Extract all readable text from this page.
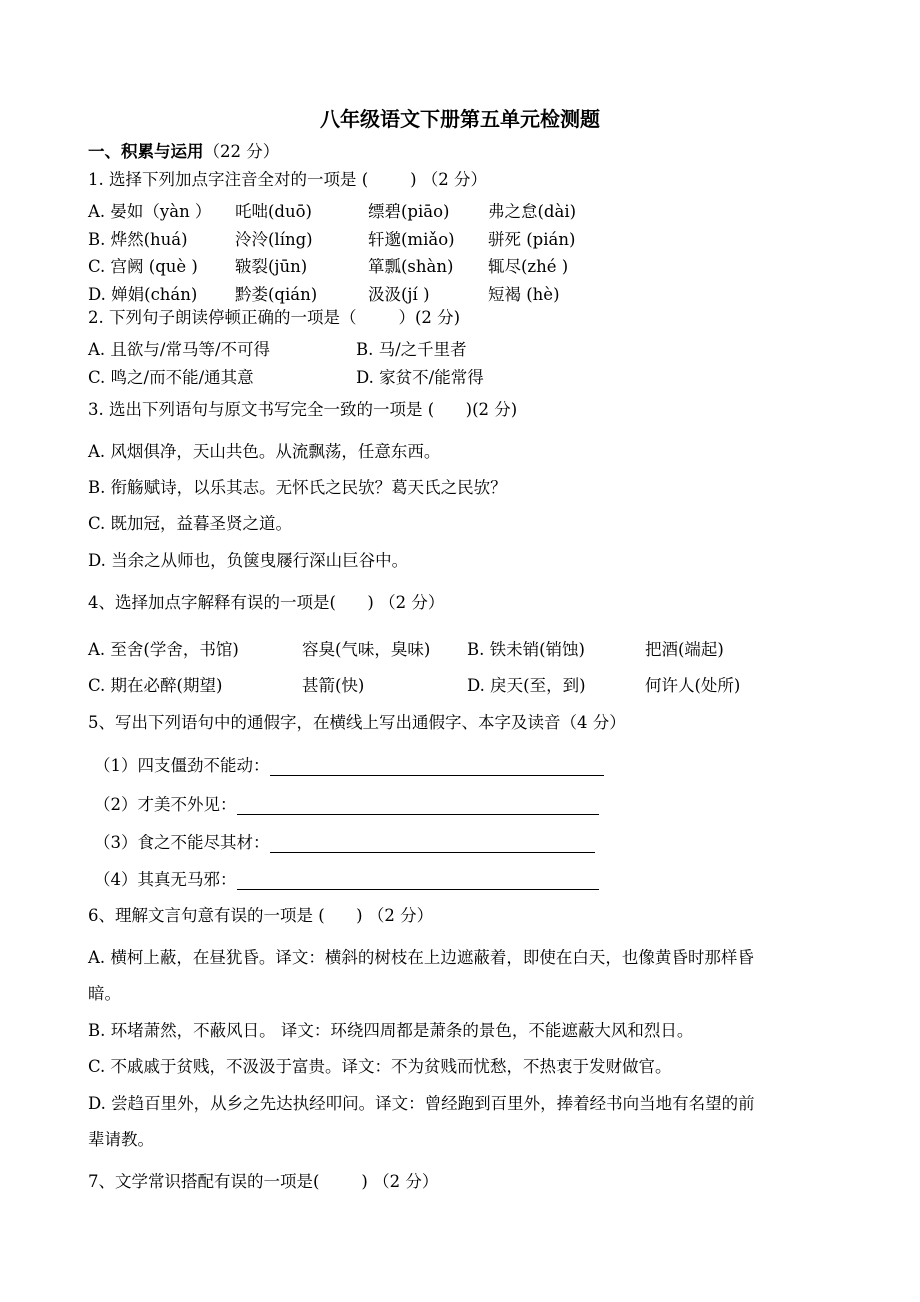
八年级语文下册第五单元检测题
一、积累与运用（22 分）
1. 选择下列加点字注音全对的一项是 (        ) （2 分）
A. 晏如（yàn ） 吒咄(duō)	缥碧(piāo) 弗之怠(dài)
B. 烨然(huá)	泠泠(líng)	轩邈(miǎo) 骈死 (pián)
C. 宫阙 (què ) 皲裂(jūn)	箪瓢(shàn) 辄尽(zhé )
D. 婵娟(chán) 黔娄(qián)	汲汲(jí )	短褐 (hè)
2. 下列句子朗读停顿正确的一项是（        ）(2 分)
A. 且欲与/常马等/不可得	B. 马/之千里者
C. 鸣之/而不能/通其意	D. 家贫不/能常得
3. 选出下列语句与原文书写完全一致的一项是 (      )(2 分)
A. 风烟俱净，天山共色。从流飘荡，任意东西。
B. 衔觞赋诗，以乐其志。无怀氏之民欤？葛天氏之民欤？
C. 既加冠，益暮圣贤之道。
D. 当余之从师也，负箧曳屦行深山巨谷中。
4、选择加点字解释有误的一项是(      ) （2 分）
A. 至舍(学舍，书馆)	容臭(气味，臭味) B. 铁未销(销蚀)	把酒(端起)
C. 期在必醉(期望)	甚箭(快)	D. 戾天(至，到)	何许人(处所)
5、写出下列语句中的通假字，在横线上写出通假字、本字及读音（4 分）
（1）四支僵劲不能动：
（2）才美不外见：
（3）食之不能尽其材：
（4）其真无马邪：
6、理解文言句意有误的一项是 (      ) （2 分）
A. 横柯上蔽，在昼犹昏。译文：横斜的树枝在上边遮蔽着，即使在白天，也像黄昏时那样昏
暗。
B. 环堵萧然，不蔽风日。 译文：环绕四周都是萧条的景色，不能遮蔽大风和烈日。
C. 不戚戚于贫贱，不汲汲于富贵。译文：不为贫贱而忧愁，不热衷于发财做官。
D. 尝趋百里外，从乡之先达执经叩问。译文：曾经跑到百里外，捧着经书向当地有名望的前
辈请教。
7、文学常识搭配有误的一项是(        ) （2 分）
